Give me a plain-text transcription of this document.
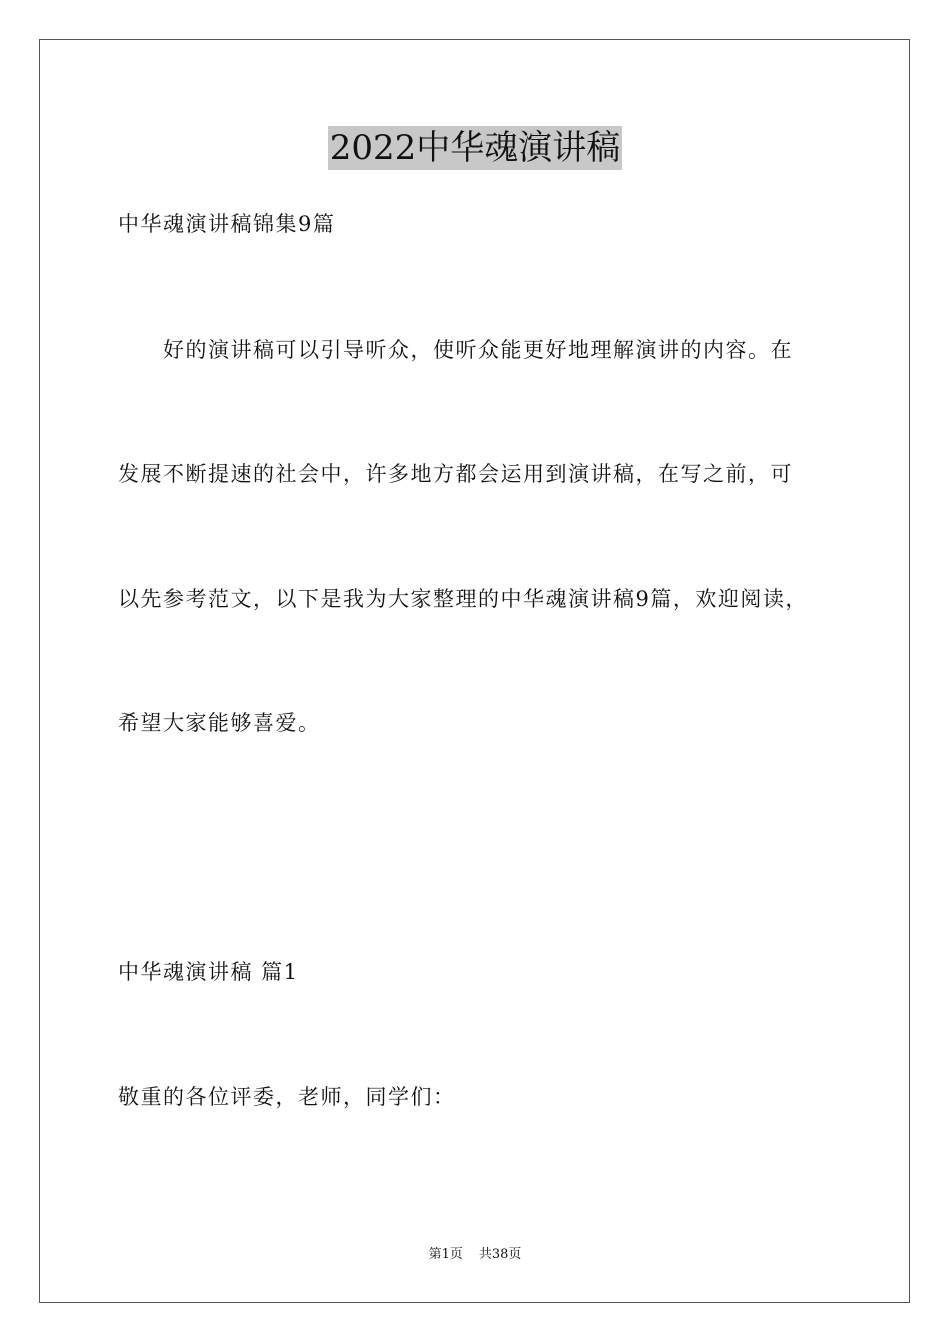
2022中华魂演讲稿
中华魂演讲稿锦集9篇
好的演讲稿可以引导听众，使听众能更好地理解演讲的内容。在
发展不断提速的社会中，许多地方都会运用到演讲稿，在写之前，可
以先参考范文，以下是我为大家整理的中华魂演讲稿9篇，欢迎阅读，
希望大家能够喜爱。
中华魂演讲稿 篇1
敬重的各位评委，老师，同学们：
第1页 共38页
